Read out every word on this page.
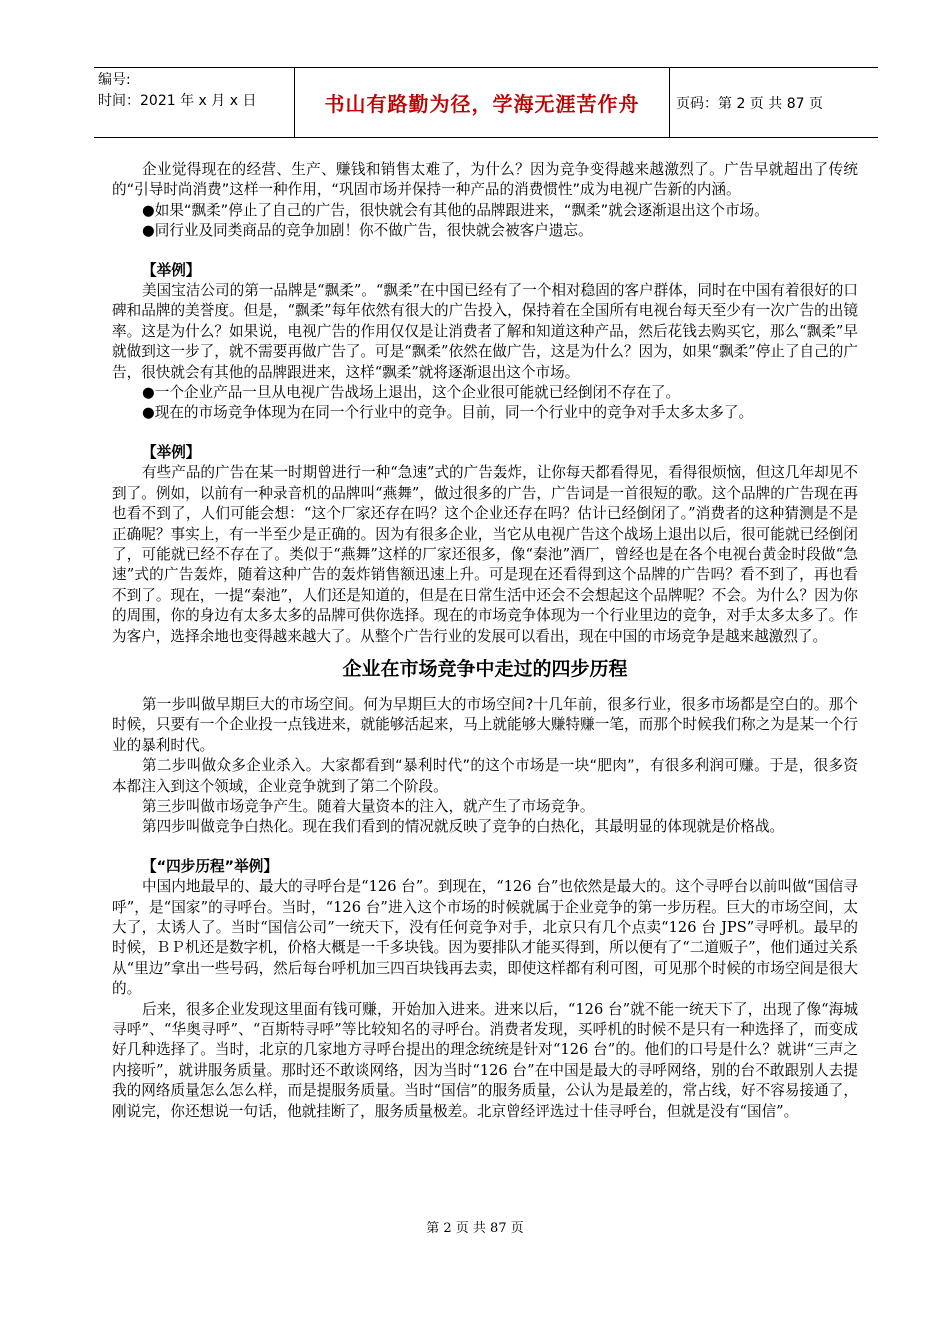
编号:
时间：2021 年 x 月 x 日	书山有路勤为径，学海无涯苦作舟	页码：第 2 页 共 87 页

企业觉得现在的经营、生产、赚钱和销售太难了，为什么？因为竞争变得越来越激烈了。广告早就超出了传统的“引导时尚消费”这样一种作用，“巩固市场并保持一种产品的消费惯性”成为电视广告新的内涵。

●如果“飘柔”停止了自己的广告，很快就会有其他的品牌跟进来，“飘柔”就会逐渐退出这个市场。

●同行业及同类商品的竞争加剧！你不做广告，很快就会被客户遗忘。

【举例】

美国宝洁公司的第一品牌是“飘柔”。“飘柔”在中国已经有了一个相对稳固的客户群体，同时在中国有着很好的口碑和品牌的美誉度。但是，“飘柔”每年依然有很大的广告投入，保持着在全国所有电视台每天至少有一次广告的出镜率。这是为什么？如果说，电视广告的作用仅仅是让消费者了解和知道这种产品，然后花钱去购买它，那么“飘柔”早就做到这一步了，就不需要再做广告了。可是“飘柔”依然在做广告，这是为什么？因为，如果“飘柔”停止了自己的广告，很快就会有其他的品牌跟进来，这样“飘柔”就将逐渐退出这个市场。

●一个企业产品一旦从电视广告战场上退出，这个企业很可能就已经倒闭不存在了。

●现在的市场竞争体现为在同一个行业中的竞争。目前，同一个行业中的竞争对手太多太多了。

【举例】

有些产品的广告在某一时期曾进行一种“急速”式的广告轰炸，让你每天都看得见，看得很烦恼，但这几年却见不到了。例如，以前有一种录音机的品牌叫“燕舞”，做过很多的广告，广告词是一首很短的歌。这个品牌的广告现在再也看不到了，人们可能会想：“这个厂家还存在吗？这个企业还存在吗？估计已经倒闭了。”消费者的这种猜测是不是正确呢？事实上，有一半至少是正确的。因为有很多企业，当它从电视广告这个战场上退出以后，很可能就已经倒闭了，可能就已经不存在了。类似于“燕舞”这样的厂家还很多，像“秦池”酒厂，曾经也是在各个电视台黄金时段做“急速”式的广告轰炸，随着这种广告的轰炸销售额迅速上升。可是现在还看得到这个品牌的广告吗？看不到了，再也看不到了。现在，一提“秦池”，人们还是知道的，但是在日常生活中还会不会想起这个品牌呢？不会。为什么？因为你的周围，你的身边有太多太多的品牌可供你选择。现在的市场竞争体现为一个行业里边的竞争，对手太多太多了。作为客户，选择余地也变得越来越大了。从整个广告行业的发展可以看出，现在中国的市场竞争是越来越激烈了。

企业在市场竞争中走过的四步历程

第一步叫做早期巨大的市场空间。何为早期巨大的市场空间?十几年前，很多行业，很多市场都是空白的。那个时候，只要有一个企业投一点钱进来，就能够活起来，马上就能够大赚特赚一笔，而那个时候我们称之为是某一个行业的暴利时代。

第二步叫做众多企业杀入。大家都看到“暴利时代”的这个市场是一块“肥肉”，有很多利润可赚。于是，很多资本都注入到这个领域，企业竞争就到了第二个阶段。

第三步叫做市场竞争产生。随着大量资本的注入，就产生了市场竞争。

第四步叫做竞争白热化。现在我们看到的情况就反映了竞争的白热化，其最明显的体现就是价格战。

【“四步历程”举例】

中国内地最早的、最大的寻呼台是“126 台”。到现在，“126 台”也依然是最大的。这个寻呼台以前叫做“国信寻呼”，是“国家”的寻呼台。当时，“126 台”进入这个市场的时候就属于企业竞争的第一步历程。巨大的市场空间，太大了，太诱人了。当时“国信公司”一统天下，没有任何竞争对手，北京只有几个点卖“126 台 JPS”寻呼机。最早的时候，ＢＰ机还是数字机，价格大概是一千多块钱。因为要排队才能买得到，所以便有了“二道贩子”，他们通过关系从“里边”拿出一些号码，然后每台呼机加三四百块钱再去卖，即使这样都有利可图，可见那个时候的市场空间是很大的。

后来，很多企业发现这里面有钱可赚，开始加入进来。进来以后，“126 台”就不能一统天下了，出现了像“海城寻呼”、“华奥寻呼”、“百斯特寻呼”等比较知名的寻呼台。消费者发现，买呼机的时候不是只有一种选择了，而变成好几种选择了。当时，北京的几家地方寻呼台提出的理念统统是针对“126 台”的。他们的口号是什么？就讲“三声之内接听”，就讲服务质量。那时还不敢谈网络，因为当时“126 台”在中国是最大的寻呼网络，别的台不敢跟别人去提我的网络质量怎么怎么样，而是提服务质量。当时“国信”的服务质量，公认为是最差的，常占线，好不容易接通了，刚说完，你还想说一句话，他就挂断了，服务质量极差。北京曾经评选过十佳寻呼台，但就是没有“国信”。

第 2 页 共 87 页
